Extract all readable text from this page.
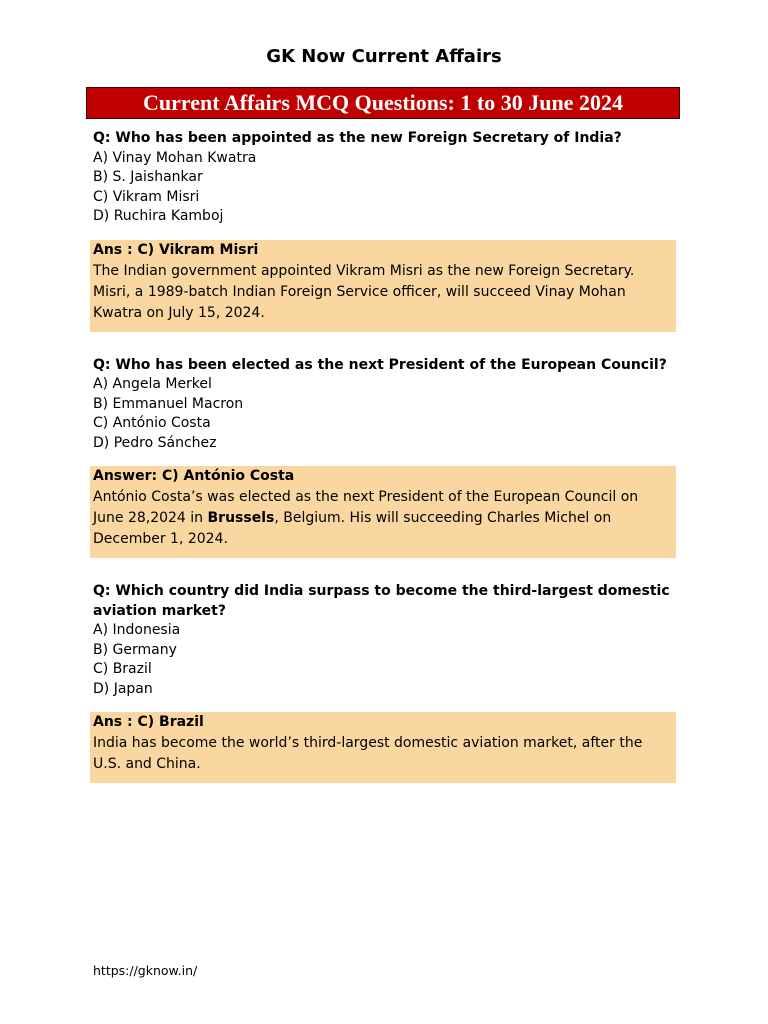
GK Now Current Affairs
Current Affairs MCQ Questions: 1 to 30 June 2024

Q: Who has been appointed as the new Foreign Secretary of India?

A) Vinay Mohan Kwatra
B) S. Jaishankar
C) Vikram Misri
D) Ruchira Kamboj
Ans : C) Vikram Misri
The Indian government appointed Vikram Misri as the new Foreign Secretary. Misri, a 1989-batch Indian Foreign Service officer, will succeed Vinay Mohan Kwatra on July 15, 2024.

Q: Who has been elected as the next President of the European Council?

A) Angela Merkel
B) Emmanuel Macron
C) António Costa
D) Pedro Sánchez
Answer: C) António Costa
António Costa’s was elected as the next President of the European Council on June 28,2024 in Brussels, Belgium. His will succeeding Charles Michel on December 1, 2024.

Q: Which country did India surpass to become the third-largest domestic aviation market?

A) Indonesia
B) Germany
C) Brazil
D) Japan
Ans : C) Brazil
India has become the world’s third-largest domestic aviation market, after the U.S. and China.
https://gknow.in/
